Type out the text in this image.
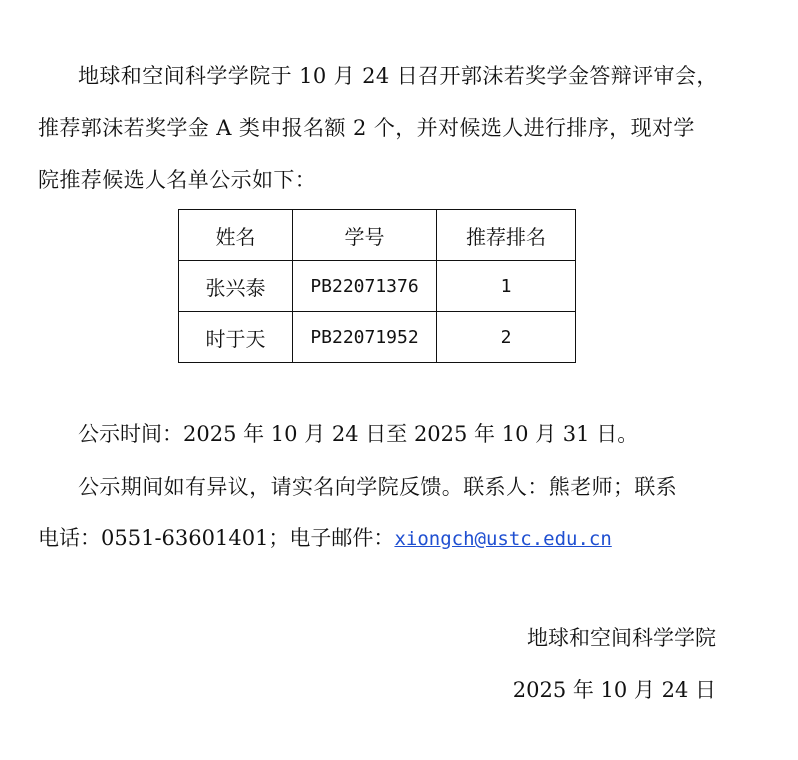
地球和空间科学学院于 10 月 24 日召开郭沫若奖学金答辩评审会，
推荐郭沫若奖学金 A 类申报名额 2 个，并对候选人进行排序，现对学
院推荐候选人名单公示如下：
姓名	学号	推荐排名
张兴泰	PB22071376	1
时于天	PB22071952	2
公示时间：2025 年 10 月 24 日至 2025 年 10 月 31 日。
公示期间如有异议，请实名向学院反馈。联系人：熊老师；联系
电话：0551-63601401；电子邮件：xiongch@ustc.edu.cn
地球和空间科学学院
2025 年 10 月 24 日
